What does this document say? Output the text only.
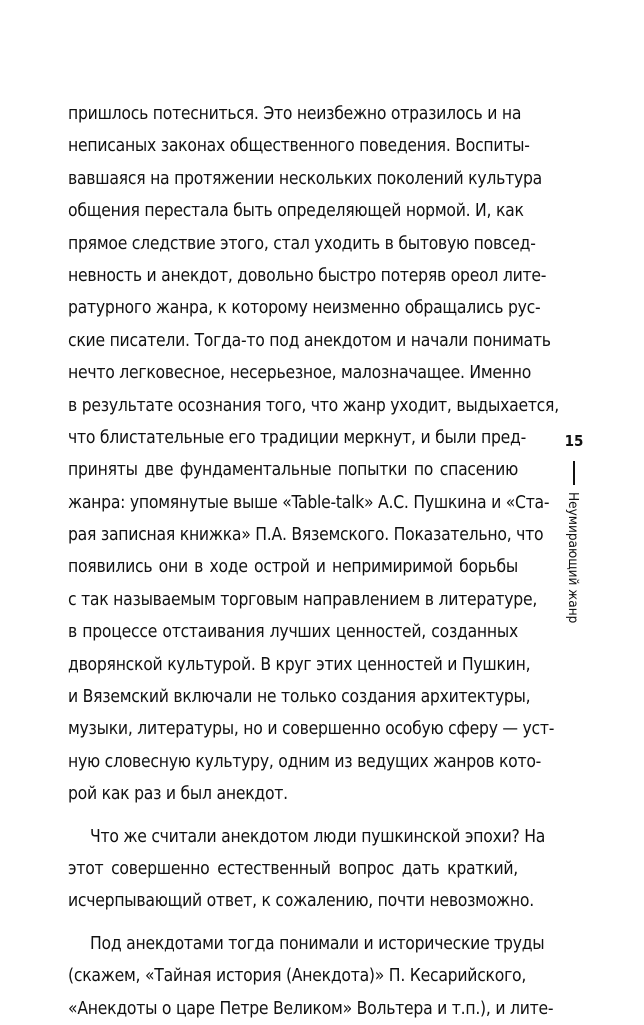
пришлось потесниться. Это неизбежно отразилось и на
неписаных законах общественного поведения. Воспиты-
вавшаяся на протяжении нескольких поколений культура
общения перестала быть определяющей нормой. И, как
прямое следствие этого, стал уходить в бытовую повсед-
невность и анекдот, довольно быстро потеряв ореол лите-
ратурного жанра, к которому неизменно обращались рус-
ские писатели. Тогда-то под анекдотом и начали понимать
нечто легковесное, несерьезное, малозначащее. Именно
в результате осознания того, что жанр уходит, выдыхается,
что блистательные его традиции меркнут, и были пред-
приняты две фундаментальные попытки по спасению
жанра: упомянутые выше «Table-talk» А.С. Пушкина и «Ста-
рая записная книжка» П.А. Вяземского. Показательно, что
появились они в ходе острой и непримиримой борьбы
с так называемым торговым направлением в литературе,
в процессе отстаивания лучших ценностей, созданных
дворянской культурой. В круг этих ценностей и Пушкин,
и Вяземский включали не только создания архитектуры,
музыки, литературы, но и совершенно особую сферу — уст-
ную словесную культуру, одним из ведущих жанров кото-
рой как раз и был анекдот.
Что же считали анекдотом люди пушкинской эпохи? На
этот совершенно естественный вопрос дать краткий,
исчерпывающий ответ, к сожалению, почти невозможно.
Под анекдотами тогда понимали и исторические труды
(скажем, «Тайная история (Анекдота)» П. Кесарийского,
«Анекдоты о царе Петре Великом» Вольтера и т.п.), и лите-
15
Неумирающий жанр
